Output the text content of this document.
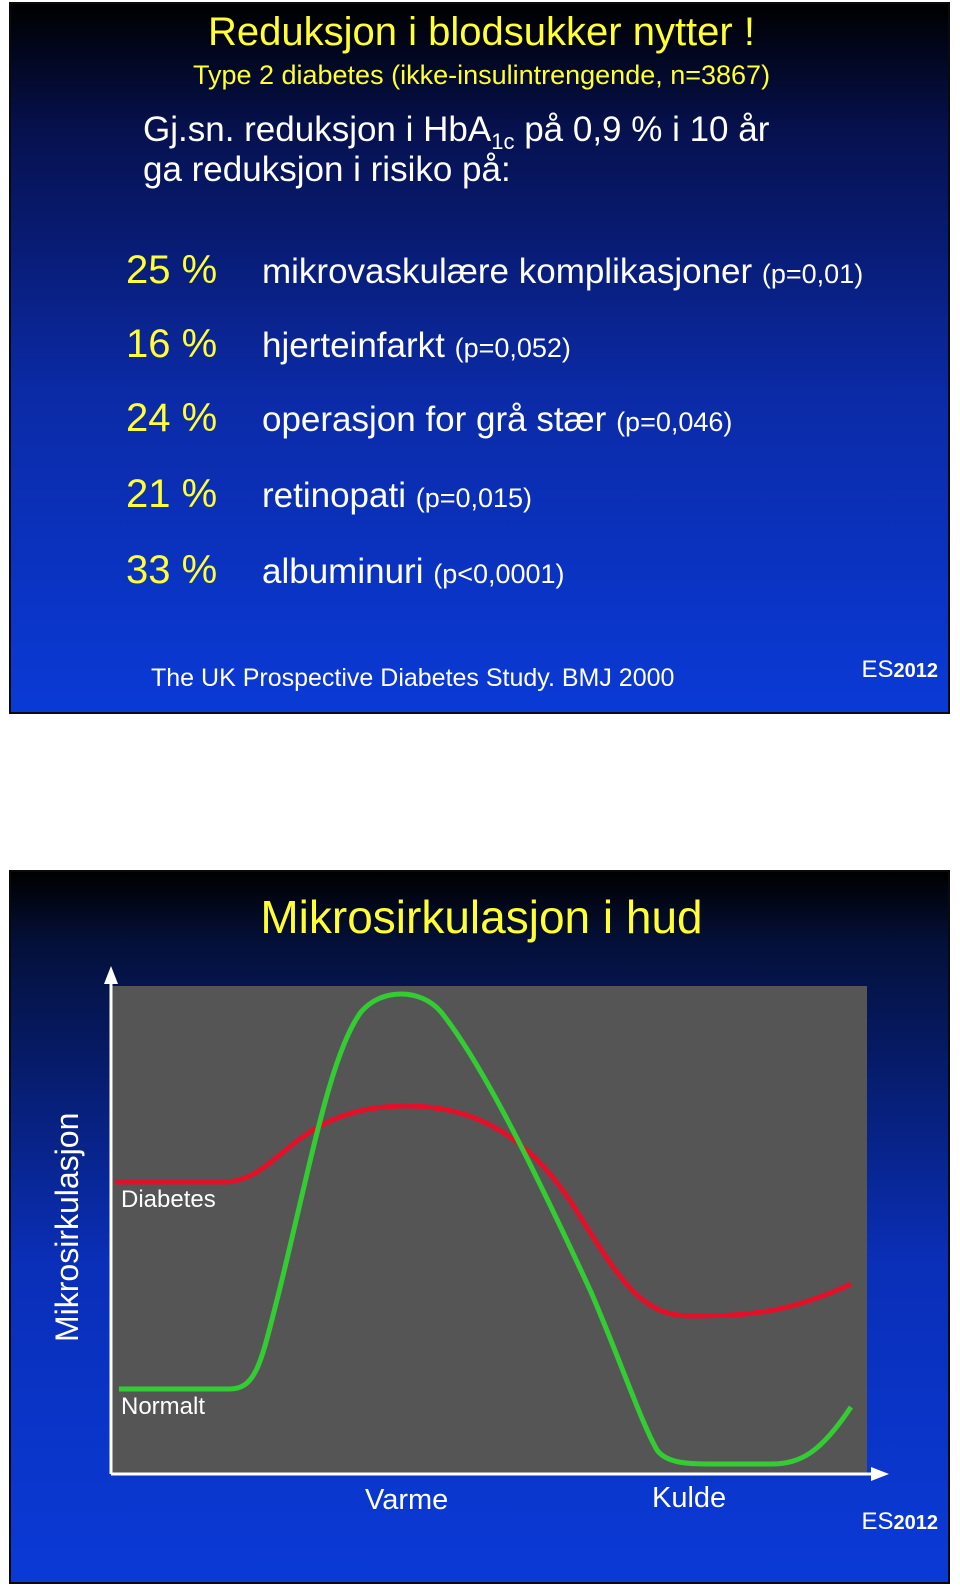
Reduksjon i blodsukker nytter !
Type 2 diabetes (ikke-insulintrengende, n=3867)
Gj.sn. reduksjon i HbA$_{1c}$ på 0,9 % i 10 år
ga reduksjon i risiko på:
25 % mikrovaskulære komplikasjoner (p=0,01)
16 % hjerteinfarkt (p=0,052)
24 % operasjon for grå stær (p=0,046)
21 % retinopati (p=0,015)
33 % albuminuri (p<0,0001)
The UK Prospective Diabetes Study. BMJ 2000	ES2012
Mikrosirkulasjon i hud
Mikrosirkulasjon Diabetes
Normalt
Varme	Kulde
ES2012
